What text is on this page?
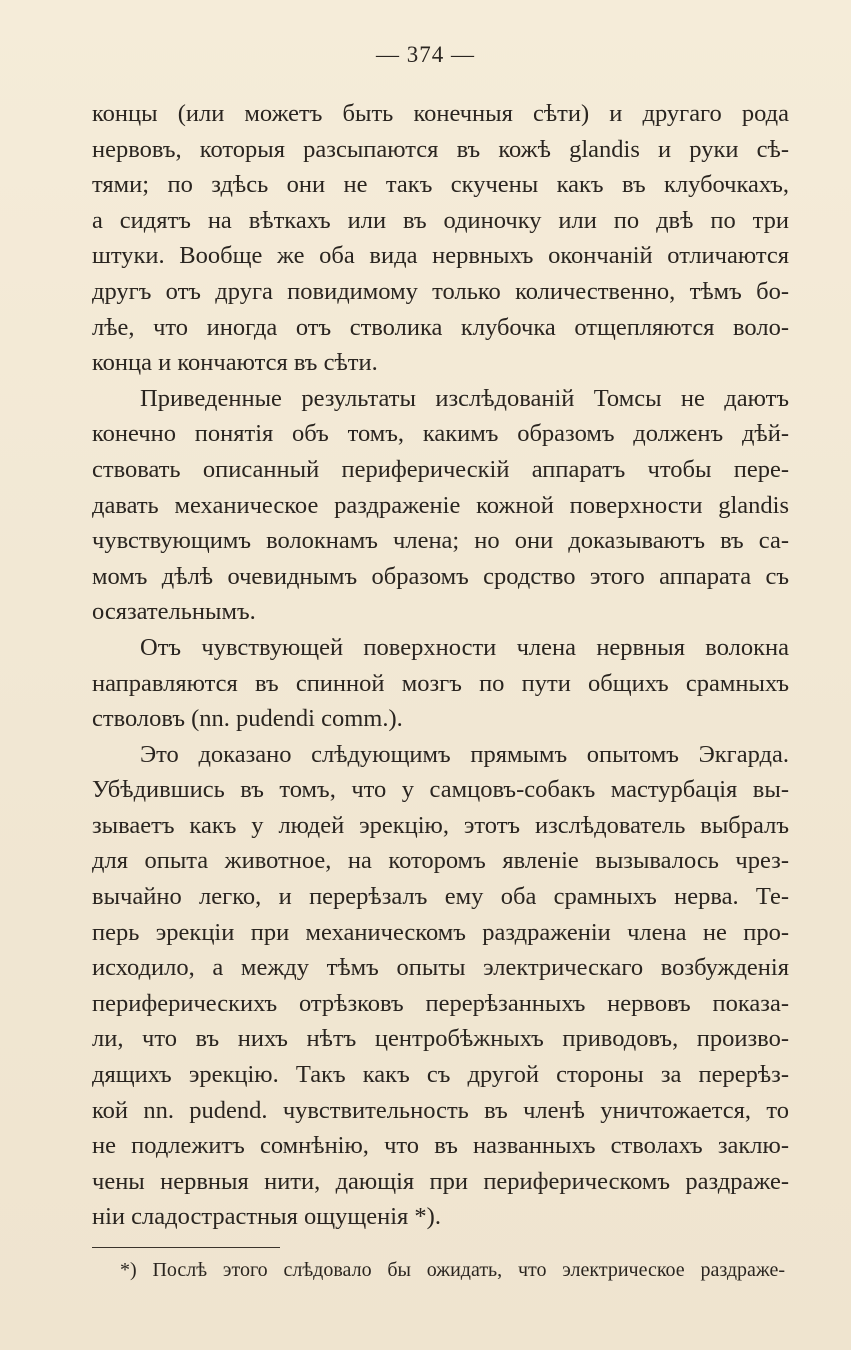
— 374 —
концы (или можетъ быть конечныя сѣти) и другаго рода
нервовъ, которыя разсыпаются въ кожѣ glandis и руки сѣ-
тями; по здѣсь они не такъ скучены какъ въ клубочкахъ,
а сидятъ на вѣткахъ или въ одиночку или по двѣ по три
штуки. Вообще же оба вида нервныхъ окончаній отличаются
другъ отъ друга повидимому только количественно, тѣмъ бо-
лѣе, что иногда отъ стволика клубочка отщепляются воло-
конца и кончаются въ сѣти.
Приведенные результаты изслѣдованій Томсы не даютъ
конечно понятія объ томъ, какимъ образомъ долженъ дѣй-
ствовать описанный периферическій аппаратъ чтобы пере-
давать механическое раздраженіе кожной поверхности glandis
чувствующимъ волокнамъ члена; но они доказываютъ въ са-
момъ дѣлѣ очевиднымъ образомъ сродство этого аппарата съ
осязательнымъ.
Отъ чувствующей поверхности члена нервныя волокна
направляются въ спинной мозгъ по пути общихъ срамныхъ
стволовъ (nn. pudendi comm.).
Это доказано слѣдующимъ прямымъ опытомъ Экгарда.
Убѣдившись въ томъ, что у самцовъ-собакъ мастурбація вы-
зываетъ какъ у людей эрекцію, этотъ изслѣдователь выбралъ
для опыта животное, на которомъ явленіе вызывалось чрез-
вычайно легко, и перерѣзалъ ему оба срамныхъ нерва. Те-
перь эрекціи при механическомъ раздраженіи члена не про-
исходило, а между тѣмъ опыты электрическаго возбужденія
периферическихъ отрѣзковъ перерѣзанныхъ нервовъ показа-
ли, что въ нихъ нѣтъ центробѣжныхъ приводовъ, произво-
дящихъ эрекцію. Такъ какъ съ другой стороны за перерѣз-
кой nn. pudend. чувствительность въ членѣ уничтожается, то
не подлежитъ сомнѣнію, что въ названныхъ стволахъ заклю-
чены нервныя нити, дающія при периферическомъ раздраже-
ніи сладострастныя ощущенія *).
*) Послѣ этого слѣдовало бы ожидать, что электрическое раздраже-
